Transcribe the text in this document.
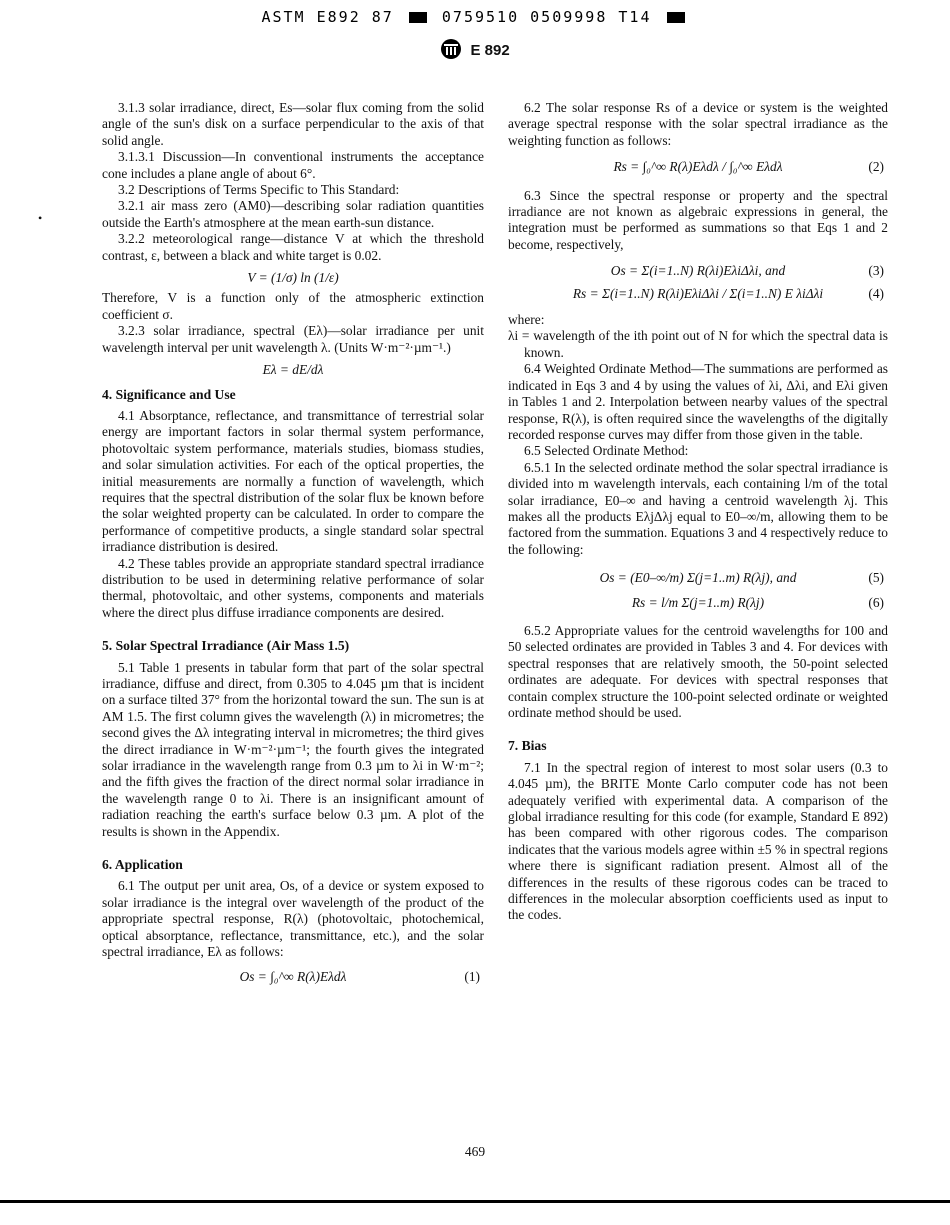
ASTM E892 87	0759510 0509998 T14
E 892
•

3.1.3 solar irradiance, direct, Es—solar flux coming from the solid angle of the sun's disk on a surface perpendicular to the axis of that solid angle.

3.1.3.1 Discussion—In conventional instruments the acceptance cone includes a plane angle of about 6°.

3.2 Descriptions of Terms Specific to This Standard:

3.2.1 air mass zero (AM0)—describing solar radiation quantities outside the Earth's atmosphere at the mean earth-sun distance.

3.2.2 meteorological range—distance V at which the threshold contrast, ε, between a black and white target is 0.02.

V = (1/σ) ln (1/ε)

Therefore, V is a function only of the atmospheric extinction coefficient σ.

3.2.3 solar irradiance, spectral (Eλ)—solar irradiance per unit wavelength interval per unit wavelength λ. (Units W·m⁻²·µm⁻¹.)

Eλ = dE/dλ
4. Significance and Use

4.1 Absorptance, reflectance, and transmittance of terrestrial solar energy are important factors in solar thermal system performance, photovoltaic system performance, materials studies, biomass studies, and solar simulation activities. For each of the optical properties, the initial measurements are normally a function of wavelength, which requires that the spectral distribution of the solar flux be known before the solar weighted property can be calculated. In order to compare the performance of competitive products, a single standard solar spectral irradiance distribution is desired.

4.2 These tables provide an appropriate standard spectral irradiance distribution to be used in determining relative performance of solar thermal, photovoltaic, and other systems, components and materials where the direct plus diffuse irradiance components are desired.

5. Solar Spectral Irradiance (Air Mass 1.5)

5.1 Table 1 presents in tabular form that part of the solar spectral irradiance, diffuse and direct, from 0.305 to 4.045 µm that is incident on a surface tilted 37° from the horizontal toward the sun. The sun is at AM 1.5. The first column gives the wavelength (λ) in micrometres; the second gives the Δλ integrating interval in micrometres; the third gives the direct irradiance in W·m⁻²·µm⁻¹; the fourth gives the integrated solar irradiance in the wavelength range from 0.3 µm to λi in W·m⁻²; and the fifth gives the fraction of the direct normal solar irradiance in the wavelength range 0 to λi. There is an insignificant amount of radiation reaching the earth's surface below 0.3 µm. A plot of the results is shown in the Appendix.

6. Application

6.1 The output per unit area, Os, of a device or system exposed to solar irradiance is the integral over wavelength of the product of the appropriate spectral response, R(λ) (photovoltaic, photochemical, optical absorptance, reflectance, transmittance, etc.), and the solar spectral irradiance, Eλ as follows:

Os = ∫₀^∞ R(λ)Eλdλ	(1)

6.2 The solar response Rs of a device or system is the weighted average spectral response with the solar spectral irradiance as the weighting function as follows:

Rs = ∫₀^∞ R(λ)Eλdλ / ∫₀^∞ Eλdλ	(2)

6.3 Since the spectral response or property and the spectral irradiance are not known as algebraic expressions in general, the integration must be performed as summations so that Eqs 1 and 2 become, respectively,

Os = Σ(i=1..N) R(λi)EλiΔλi, and	(3)
Rs = Σ(i=1..N) R(λi)EλiΔλi / Σ(i=1..N) E λiΔλi	(4)

where:

λi = wavelength of the ith point out of N for which the spectral data is known.

6.4 Weighted Ordinate Method—The summations are performed as indicated in Eqs 3 and 4 by using the values of λi, Δλi, and Eλi given in Tables 1 and 2. Interpolation between nearby values of the spectral response, R(λ), is often required since the wavelengths of the digitally recorded response curves may differ from those given in the table.

6.5 Selected Ordinate Method:

6.5.1 In the selected ordinate method the solar spectral irradiance is divided into m wavelength intervals, each containing l/m of the total solar irradiance, E0–∞ and having a centroid wavelength λj. This makes all the products EλjΔλj equal to E0–∞/m, allowing them to be factored from the summation. Equations 3 and 4 respectively reduce to the following:

Os = (E0–∞/m) Σ(j=1..m) R(λj), and	(5)
Rs = l/m Σ(j=1..m) R(λj)	(6)

6.5.2 Appropriate values for the centroid wavelengths for 100 and 50 selected ordinates are provided in Tables 3 and 4. For devices with spectral responses that are relatively smooth, the 50-point selected ordinates are adequate. For devices with spectral responses that contain complex structure the 100-point selected ordinate or weighted ordinate method should be used.

7. Bias

7.1 In the spectral region of interest to most solar users (0.3 to 4.045 µm), the BRITE Monte Carlo computer code has not been adequately verified with experimental data. A comparison of the global irradiance resulting for this code (for example, Standard E 892) has been compared with other rigorous codes. The comparison indicates that the various models agree within ±5 % in spectral regions where there is significant radiation present. Almost all of the differences in the results of these rigorous codes can be traced to differences in the molecular absorption coefficients used as input to the codes.

469
